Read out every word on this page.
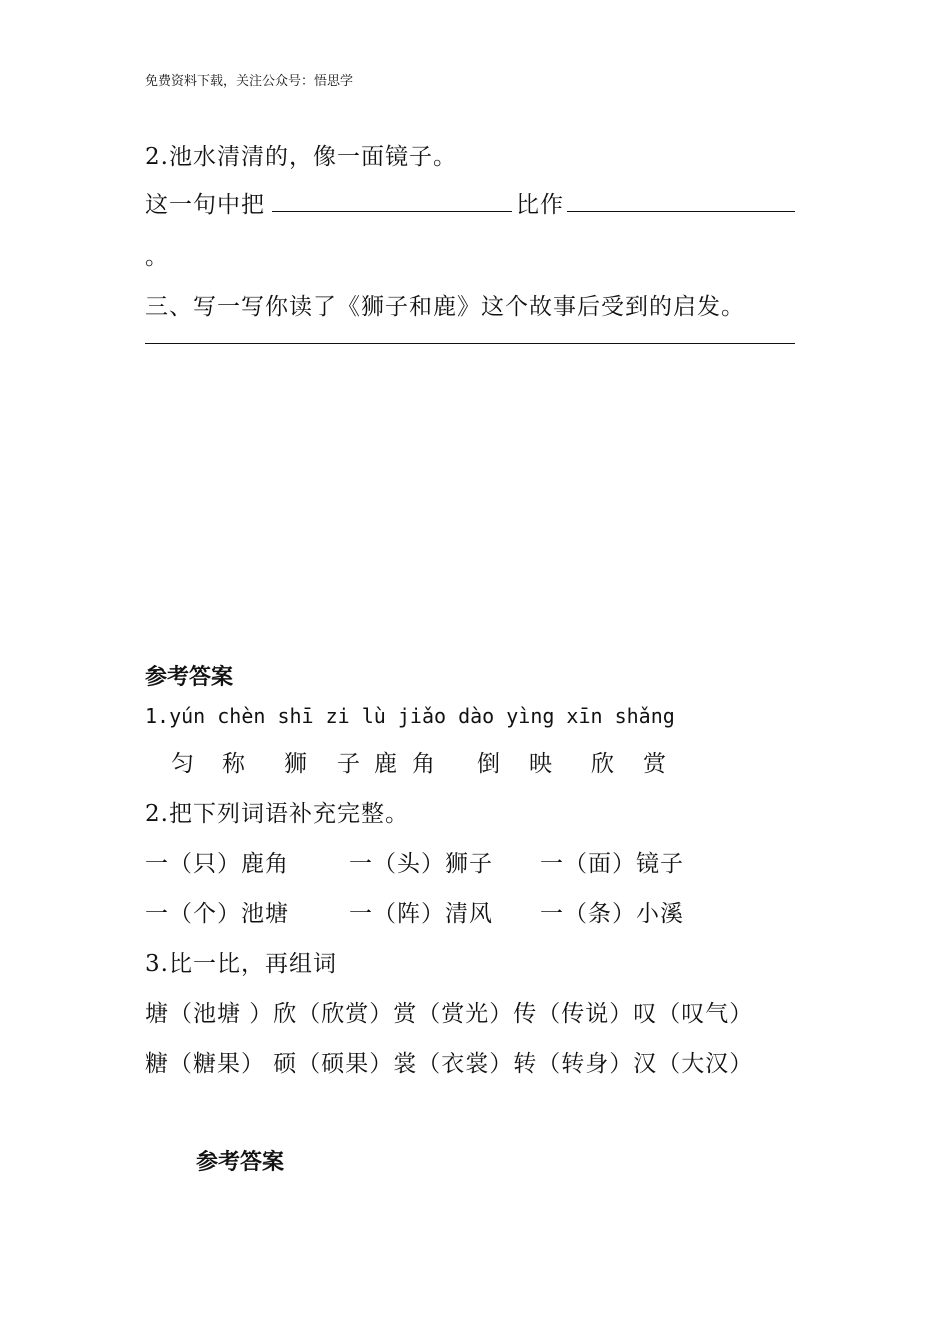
免费资料下载，关注公众号：悟思学
2.池水清清的，像一面镜子。
这一句中把	比作
。
三、写一写你读了《狮子和鹿》这个故事后受到的启发。
参考答案
1.yún chèn shī zi lù jiǎo dào yìng xīn shǎng
匀 称 狮 子 鹿 角 倒 映 欣 赏
2.把下列词语补充完整。
一（只）鹿角	一（头）狮子 一（面）镜子
一（个）池塘	一（阵）清风 一（条）小溪
3.比一比，再组词
塘（池塘 ）欣（欣赏）赏（赏光）传（传说）叹（叹气）
糖（糖果） 硕（硕果）裳（衣裳）转（转身）汉（大汉）
参考答案
